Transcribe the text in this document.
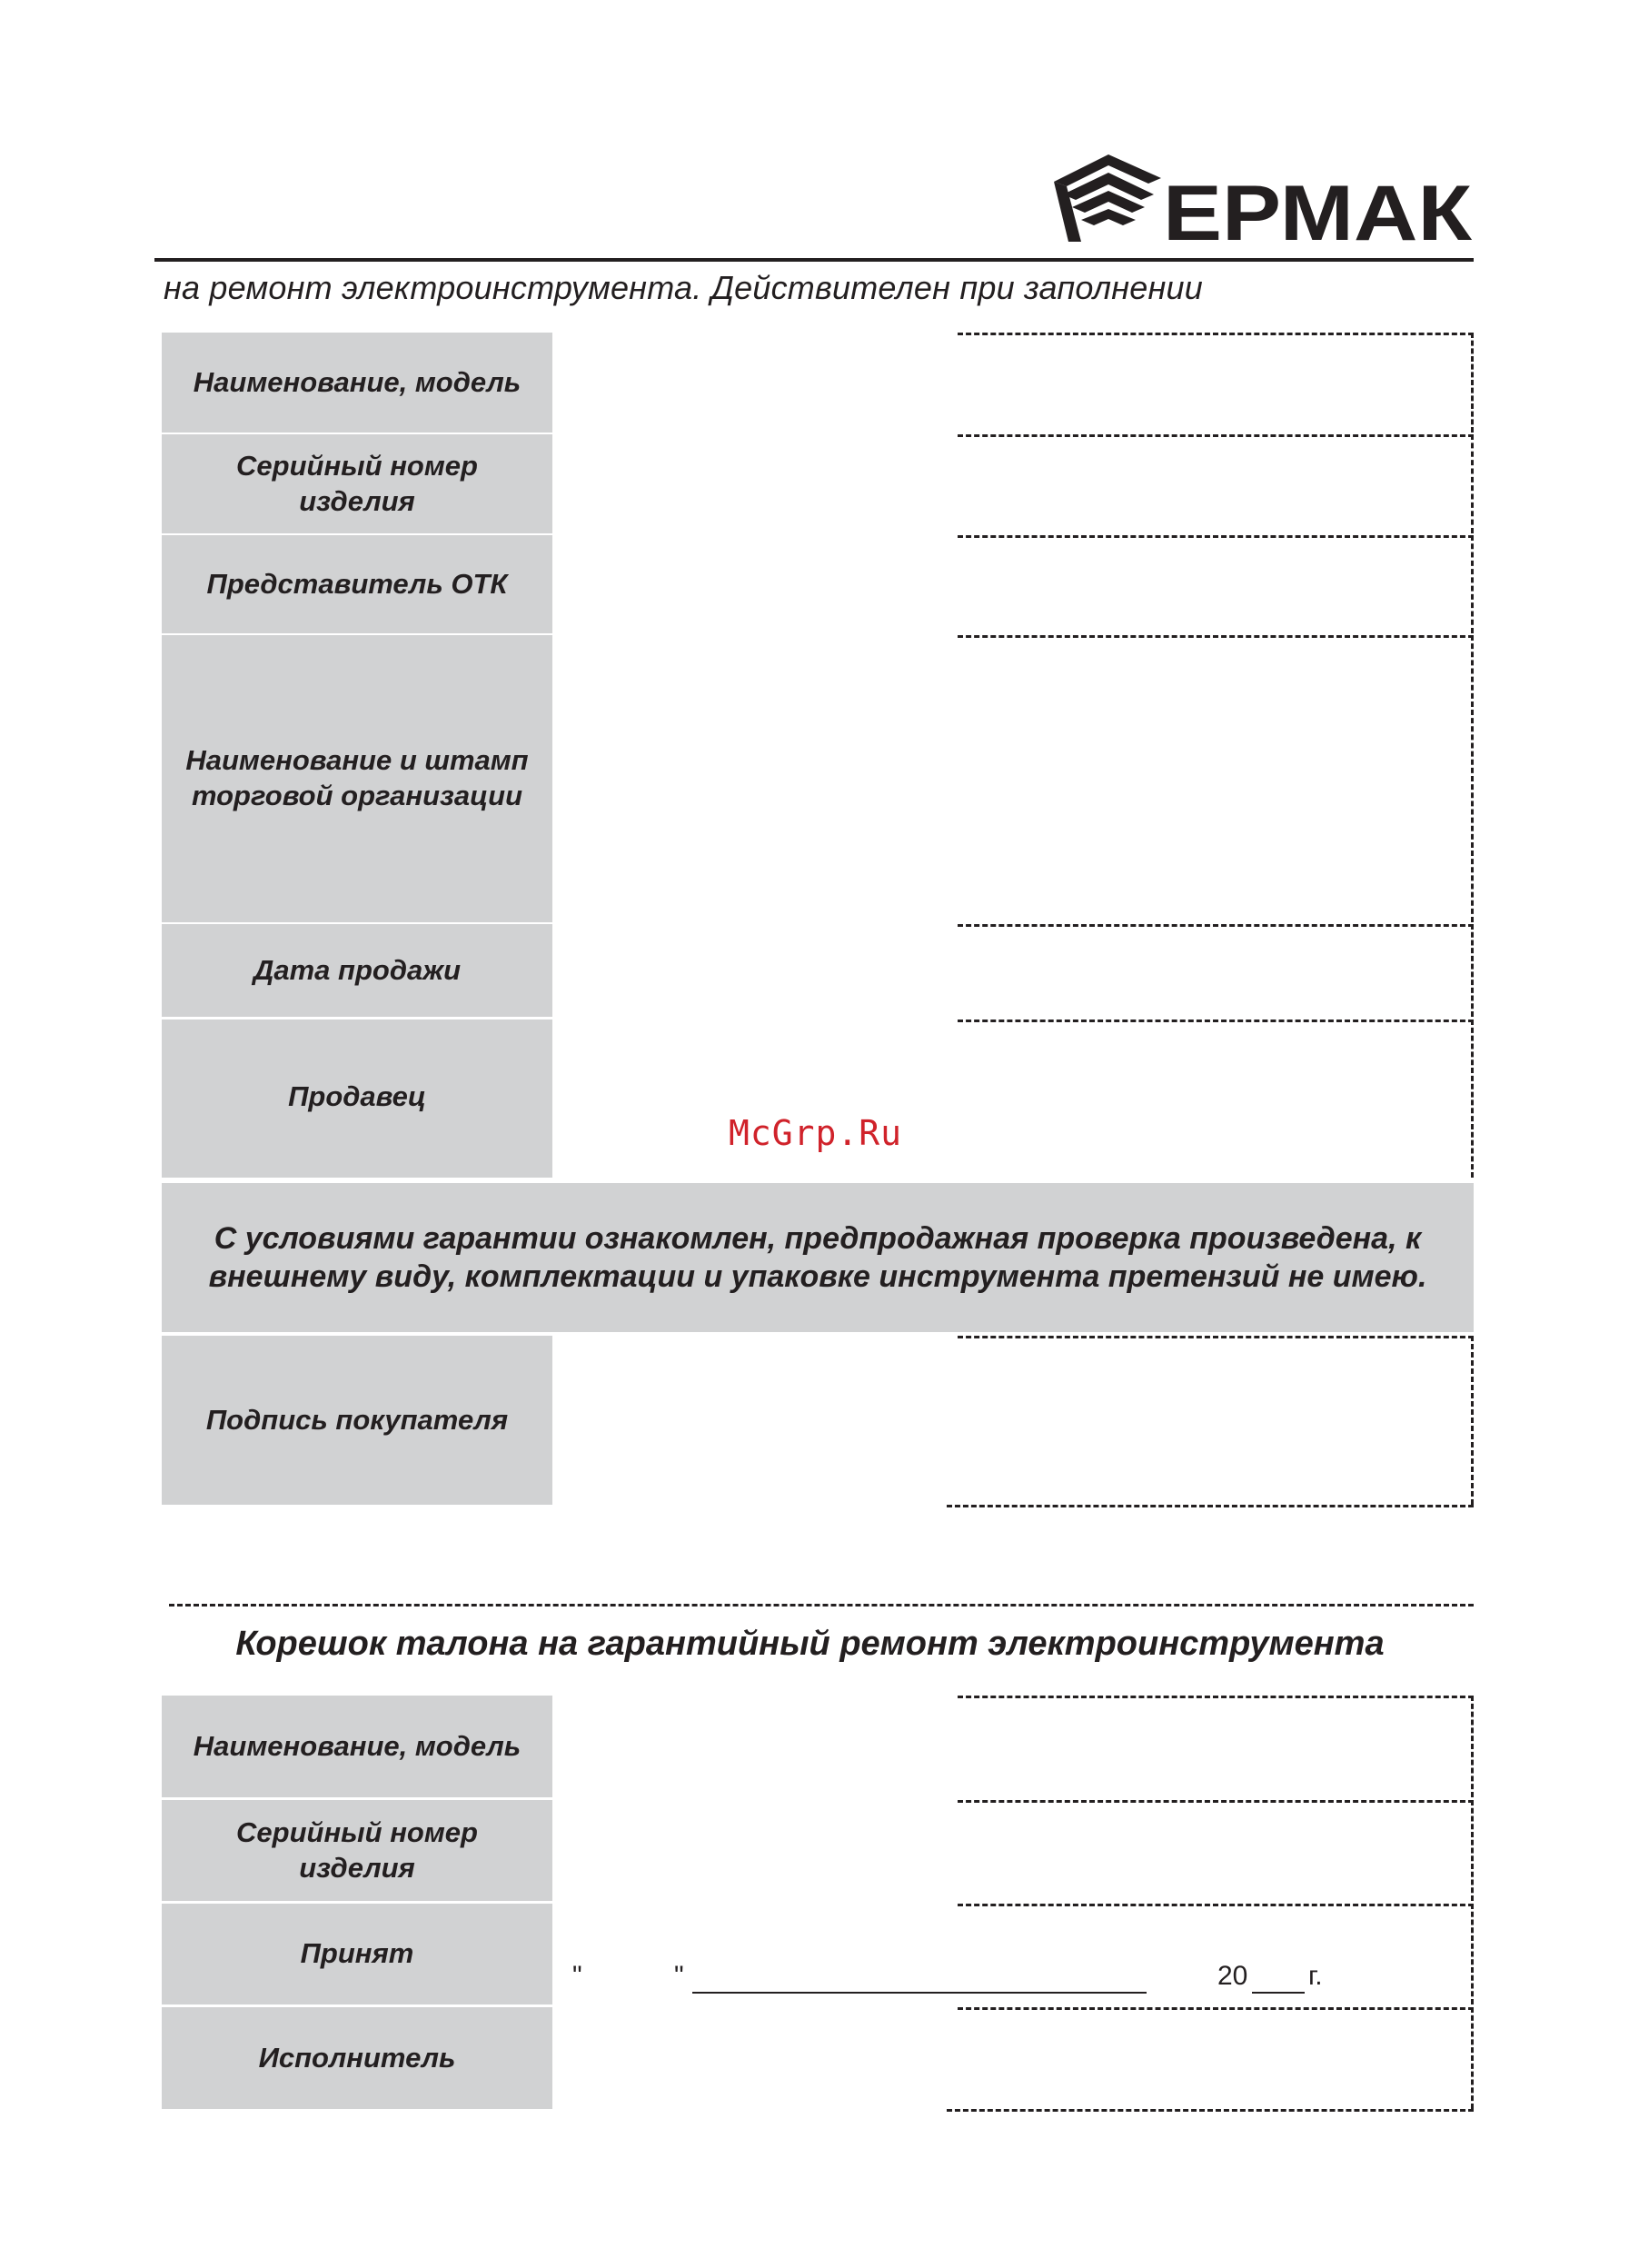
ЕРМАК
на ремонт электроинструмента. Действителен при заполнении
Наименование, модель
Серийный номер изделия
Представитель ОТК
Наименование и штамп торговой организации
Дата продажи
Продавец
С условиями гарантии ознакомлен, предпродажная проверка произведена, к
внешнему виду, комплектации и упаковке инструмента претензий не имею.
Подпись покупателя
McGrp.Ru
Корешок талона на гарантийный ремонт электроинструмента
Наименование, модель
Серийный номер изделия
Принят
Исполнитель
"	"	20 г.
